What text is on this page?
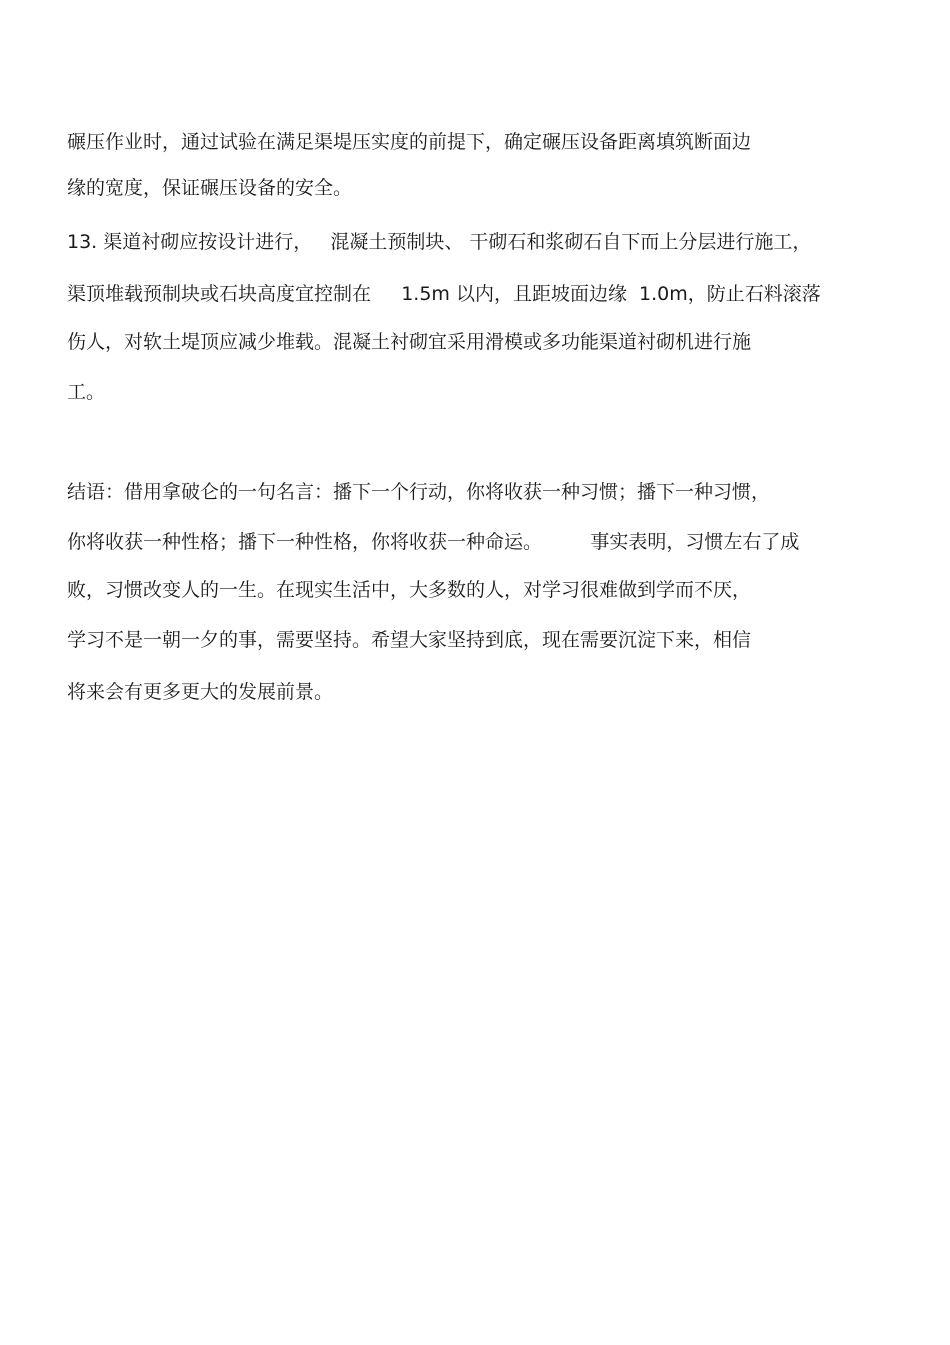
碾压作业时，通过试验在满足渠堤压实度的前提下，确定碾压设备距离填筑断面边
缘的宽度，保证碾压设备的安全。
13. 渠道衬砌应按设计进行，   混凝土预制块、 干砌石和浆砌石自下而上分层进行施工，
渠顶堆载预制块或石块高度宜控制在     1.5m 以内，且距坡面边缘  1.0m，防止石料滚落
伤人，对软土堤顶应减少堆载。混凝土衬砌宜采用滑模或多功能渠道衬砌机进行施
工。
结语：借用拿破仑的一句名言：播下一个行动，你将收获一种习惯；播下一种习惯，
你将收获一种性格；播下一种性格，你将收获一种命运。        事实表明，习惯左右了成
败，习惯改变人的一生。在现实生活中，大多数的人，对学习很难做到学而不厌，
学习不是一朝一夕的事，需要坚持。希望大家坚持到底，现在需要沉淀下来，相信
将来会有更多更大的发展前景。
